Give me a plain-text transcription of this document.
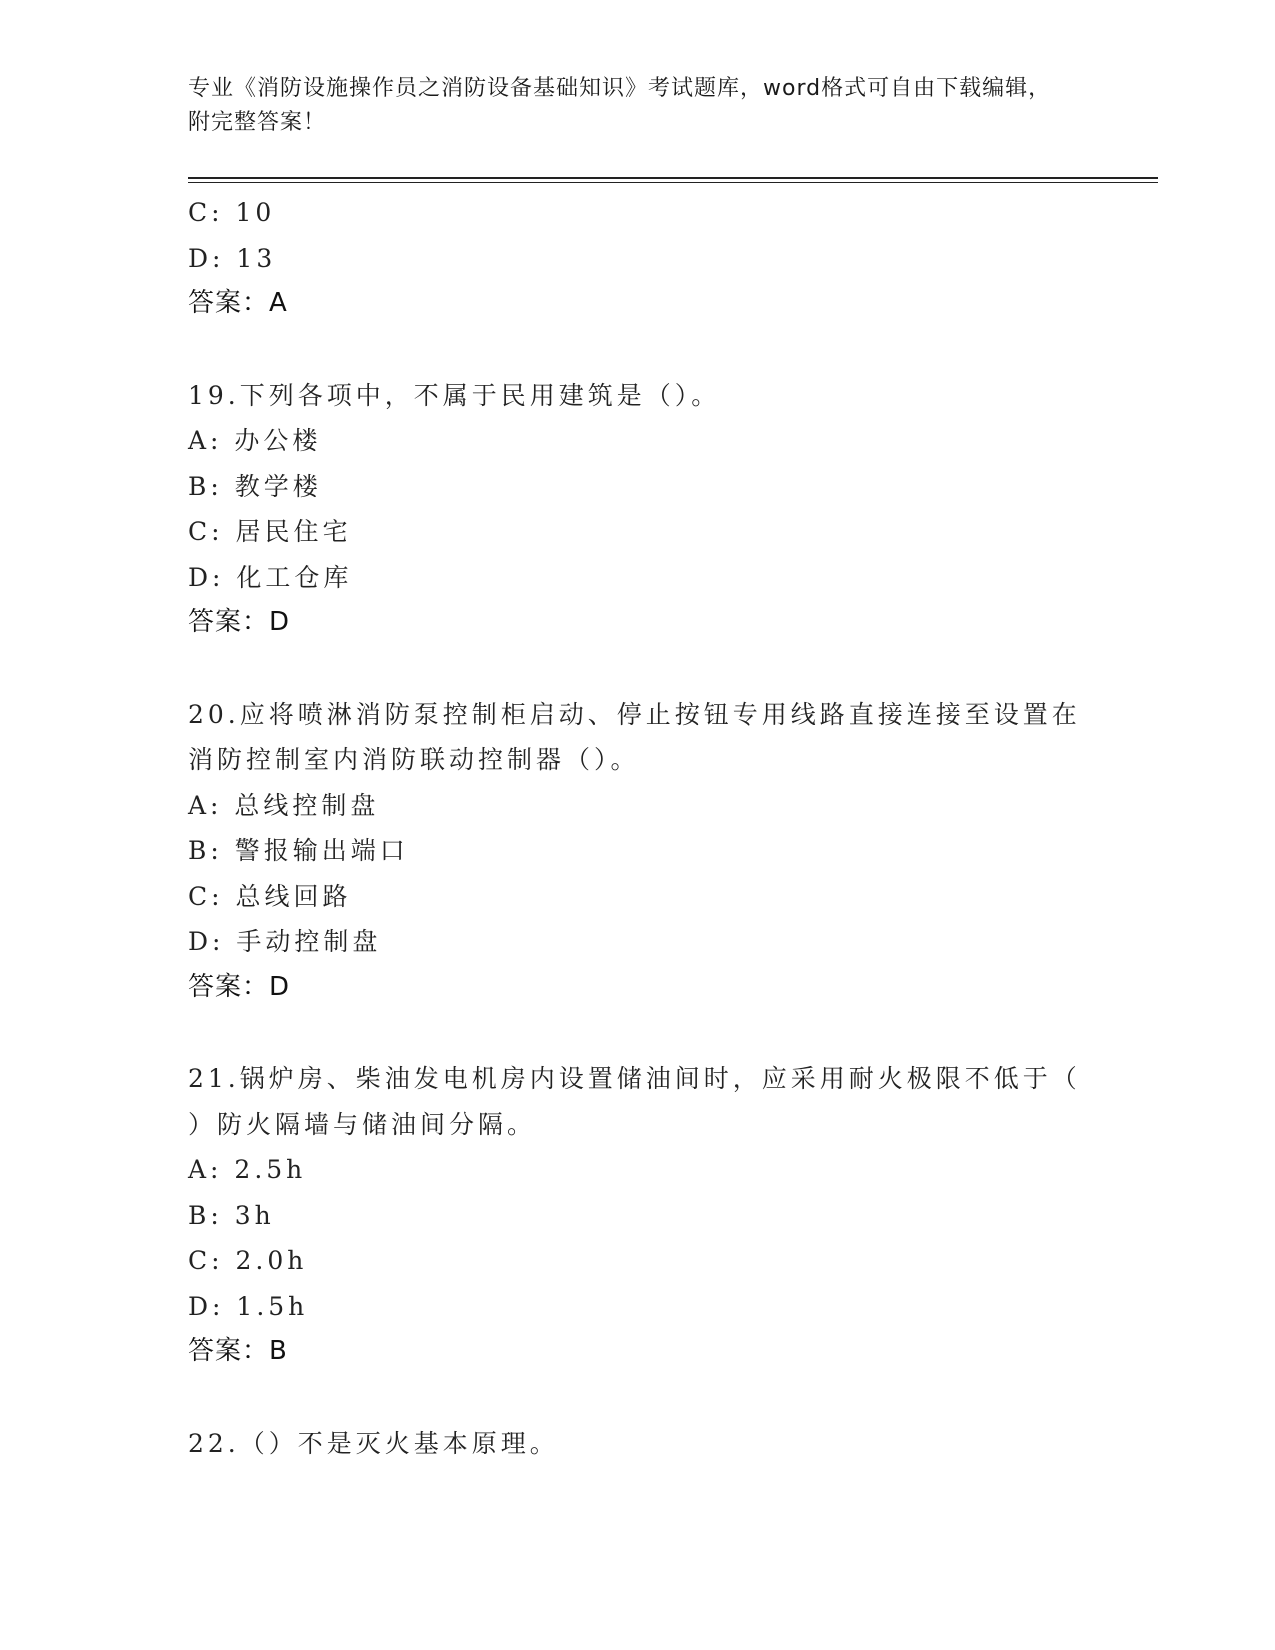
专业《消防设施操作员之消防设备基础知识》考试题库，word格式可自由下载编辑，附完整答案！
C: 10
D: 13
答案：A
19.下列各项中，不属于民用建筑是（）。
A: 办公楼
B: 教学楼
C: 居民住宅
D: 化工仓库
答案：D
20.应将喷淋消防泵控制柜启动、停止按钮专用线路直接连接至设置在
消防控制室内消防联动控制器（）。
A: 总线控制盘
B: 警报输出端口
C: 总线回路
D: 手动控制盘
答案：D
21.锅炉房、柴油发电机房内设置储油间时，应采用耐火极限不低于（
）防火隔墙与储油间分隔。
A: 2.5h
B: 3h
C: 2.0h
D: 1.5h
答案：B
22.（）不是灭火基本原理。
